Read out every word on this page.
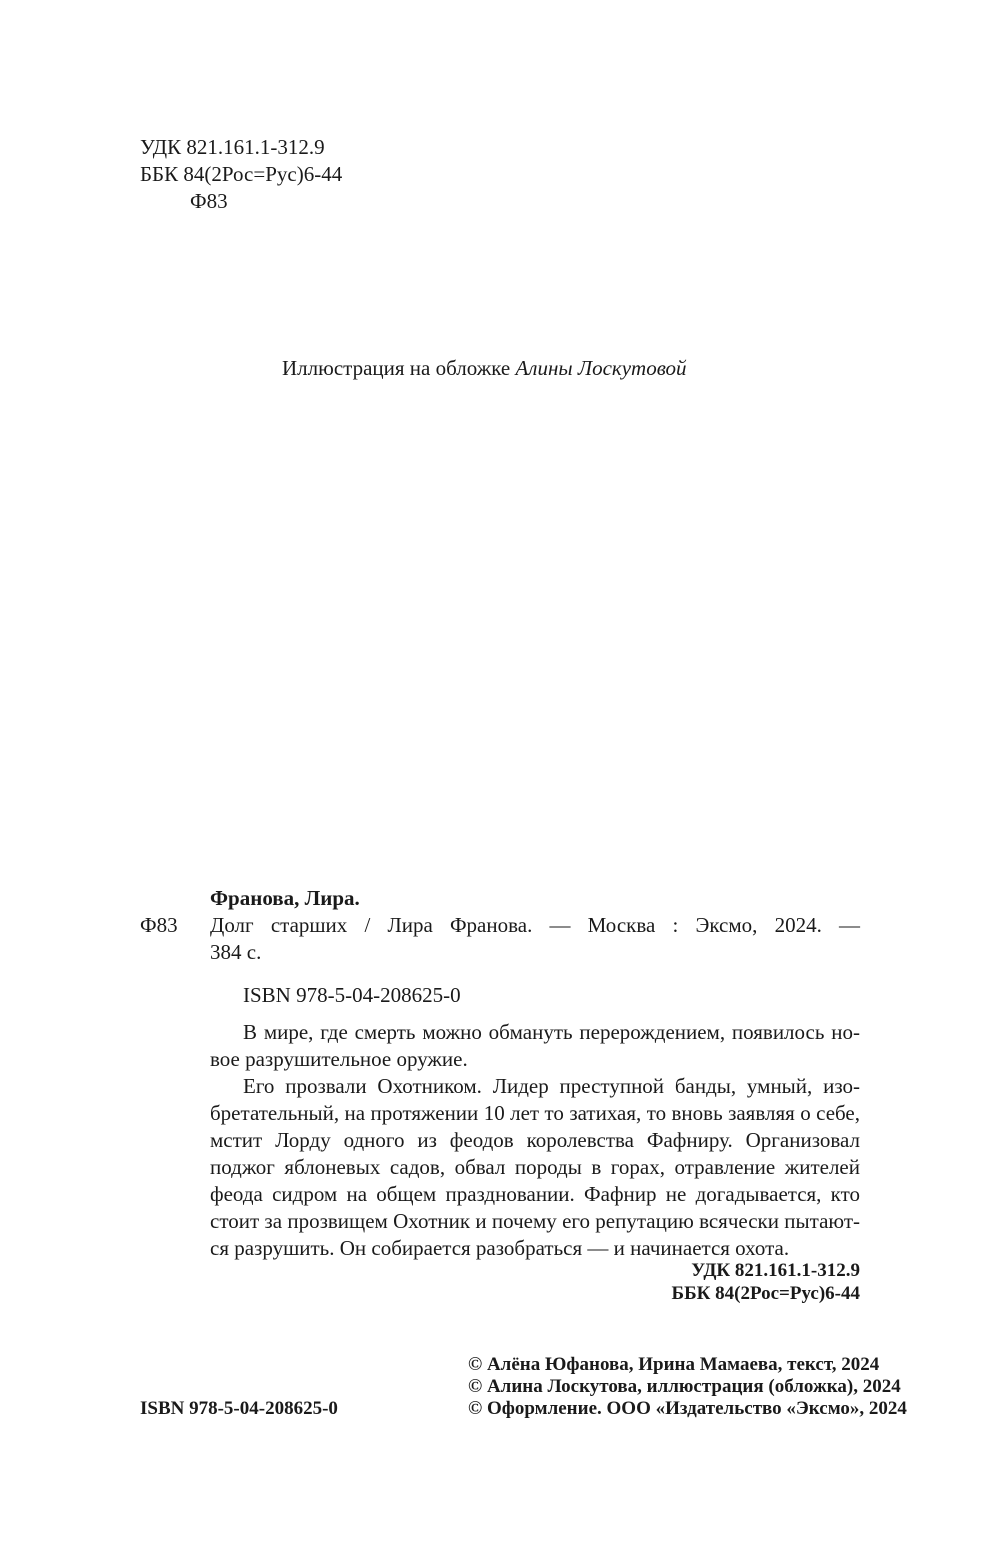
УДК 821.161.1-312.9
ББК 84(2Рос=Рус)6-44
Ф83
Иллюстрация на обложке Алины Лоскутовой
Франова, Лира.
Ф83 Долг старших / Лира Франова. — Москва : Эксмо, 2024. —
384 с.
ISBN 978-5-04-208625-0
В мире, где смерть можно обмануть перерождением, появилось но-
вое разрушительное оружие.
Его прозвали Охотником. Лидер преступной банды, умный, изо-
бретательный, на протяжении 10 лет то затихая, то вновь заявляя о себе,
мстит Лорду одного из феодов королевства Фафниру. Организовал
поджог яблоневых садов, обвал породы в горах, отравление жителей
феода сидром на общем праздновании. Фафнир не догадывается, кто
стоит за прозвищем Охотник и почему его репутацию всячески пытают-
ся разрушить. Он собирается разобраться — и начинается охота.
УДК 821.161.1-312.9
ББК 84(2Рос=Рус)6-44
© Алёна Юфанова, Ирина Мамаева, текст, 2024
© Алина Лоскутова, иллюстрация (обложка), 2024
© Оформление. ООО «Издательство «Эксмо», 2024
ISBN 978-5-04-208625-0
